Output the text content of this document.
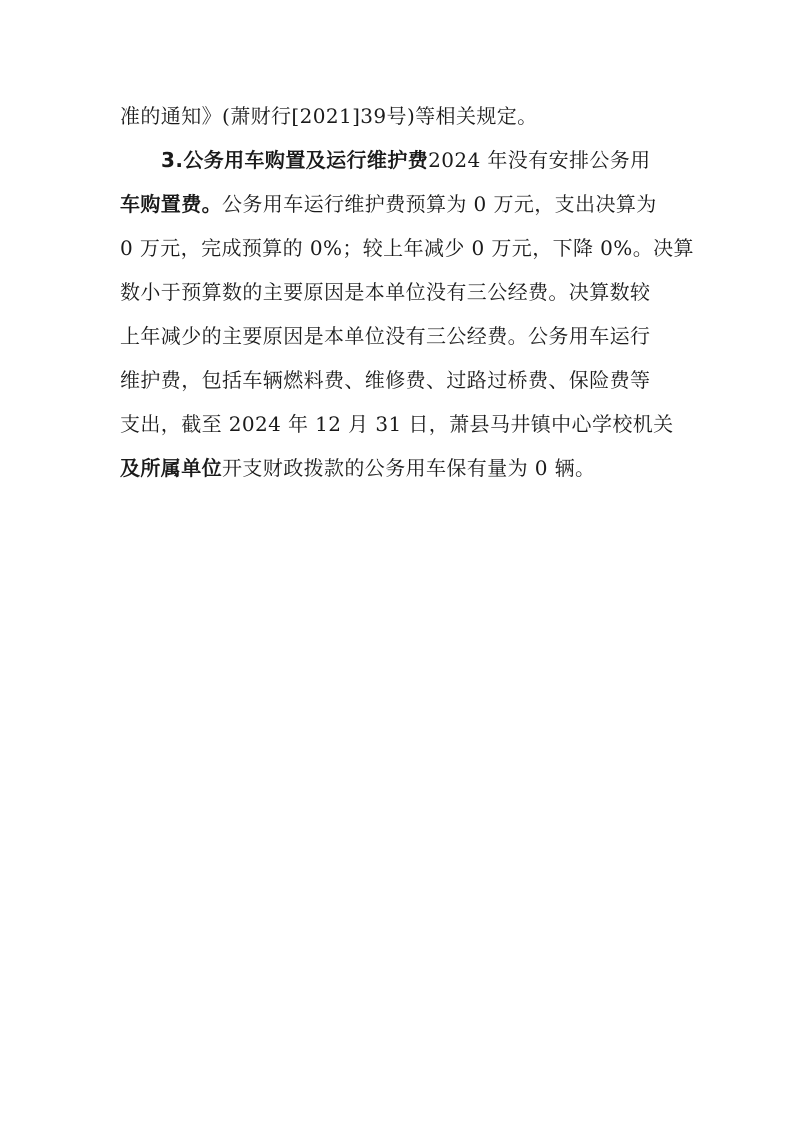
准的通知》(萧财行[2021]39号)等相关规定。
3.公务用车购置及运行维护费2024 年没有安排公务用
车购置费。公务用车运行维护费预算为 0 万元，支出决算为
0 万元，完成预算的 0%；较上年减少 0 万元，下降 0%。决算
数小于预算数的主要原因是本单位没有三公经费。决算数较
上年减少的主要原因是本单位没有三公经费。公务用车运行
维护费，包括车辆燃料费、维修费、过路过桥费、保险费等
支出，截至 2024 年 12 月 31 日，萧县马井镇中心学校机关
及所属单位开支财政拨款的公务用车保有量为 0 辆。
